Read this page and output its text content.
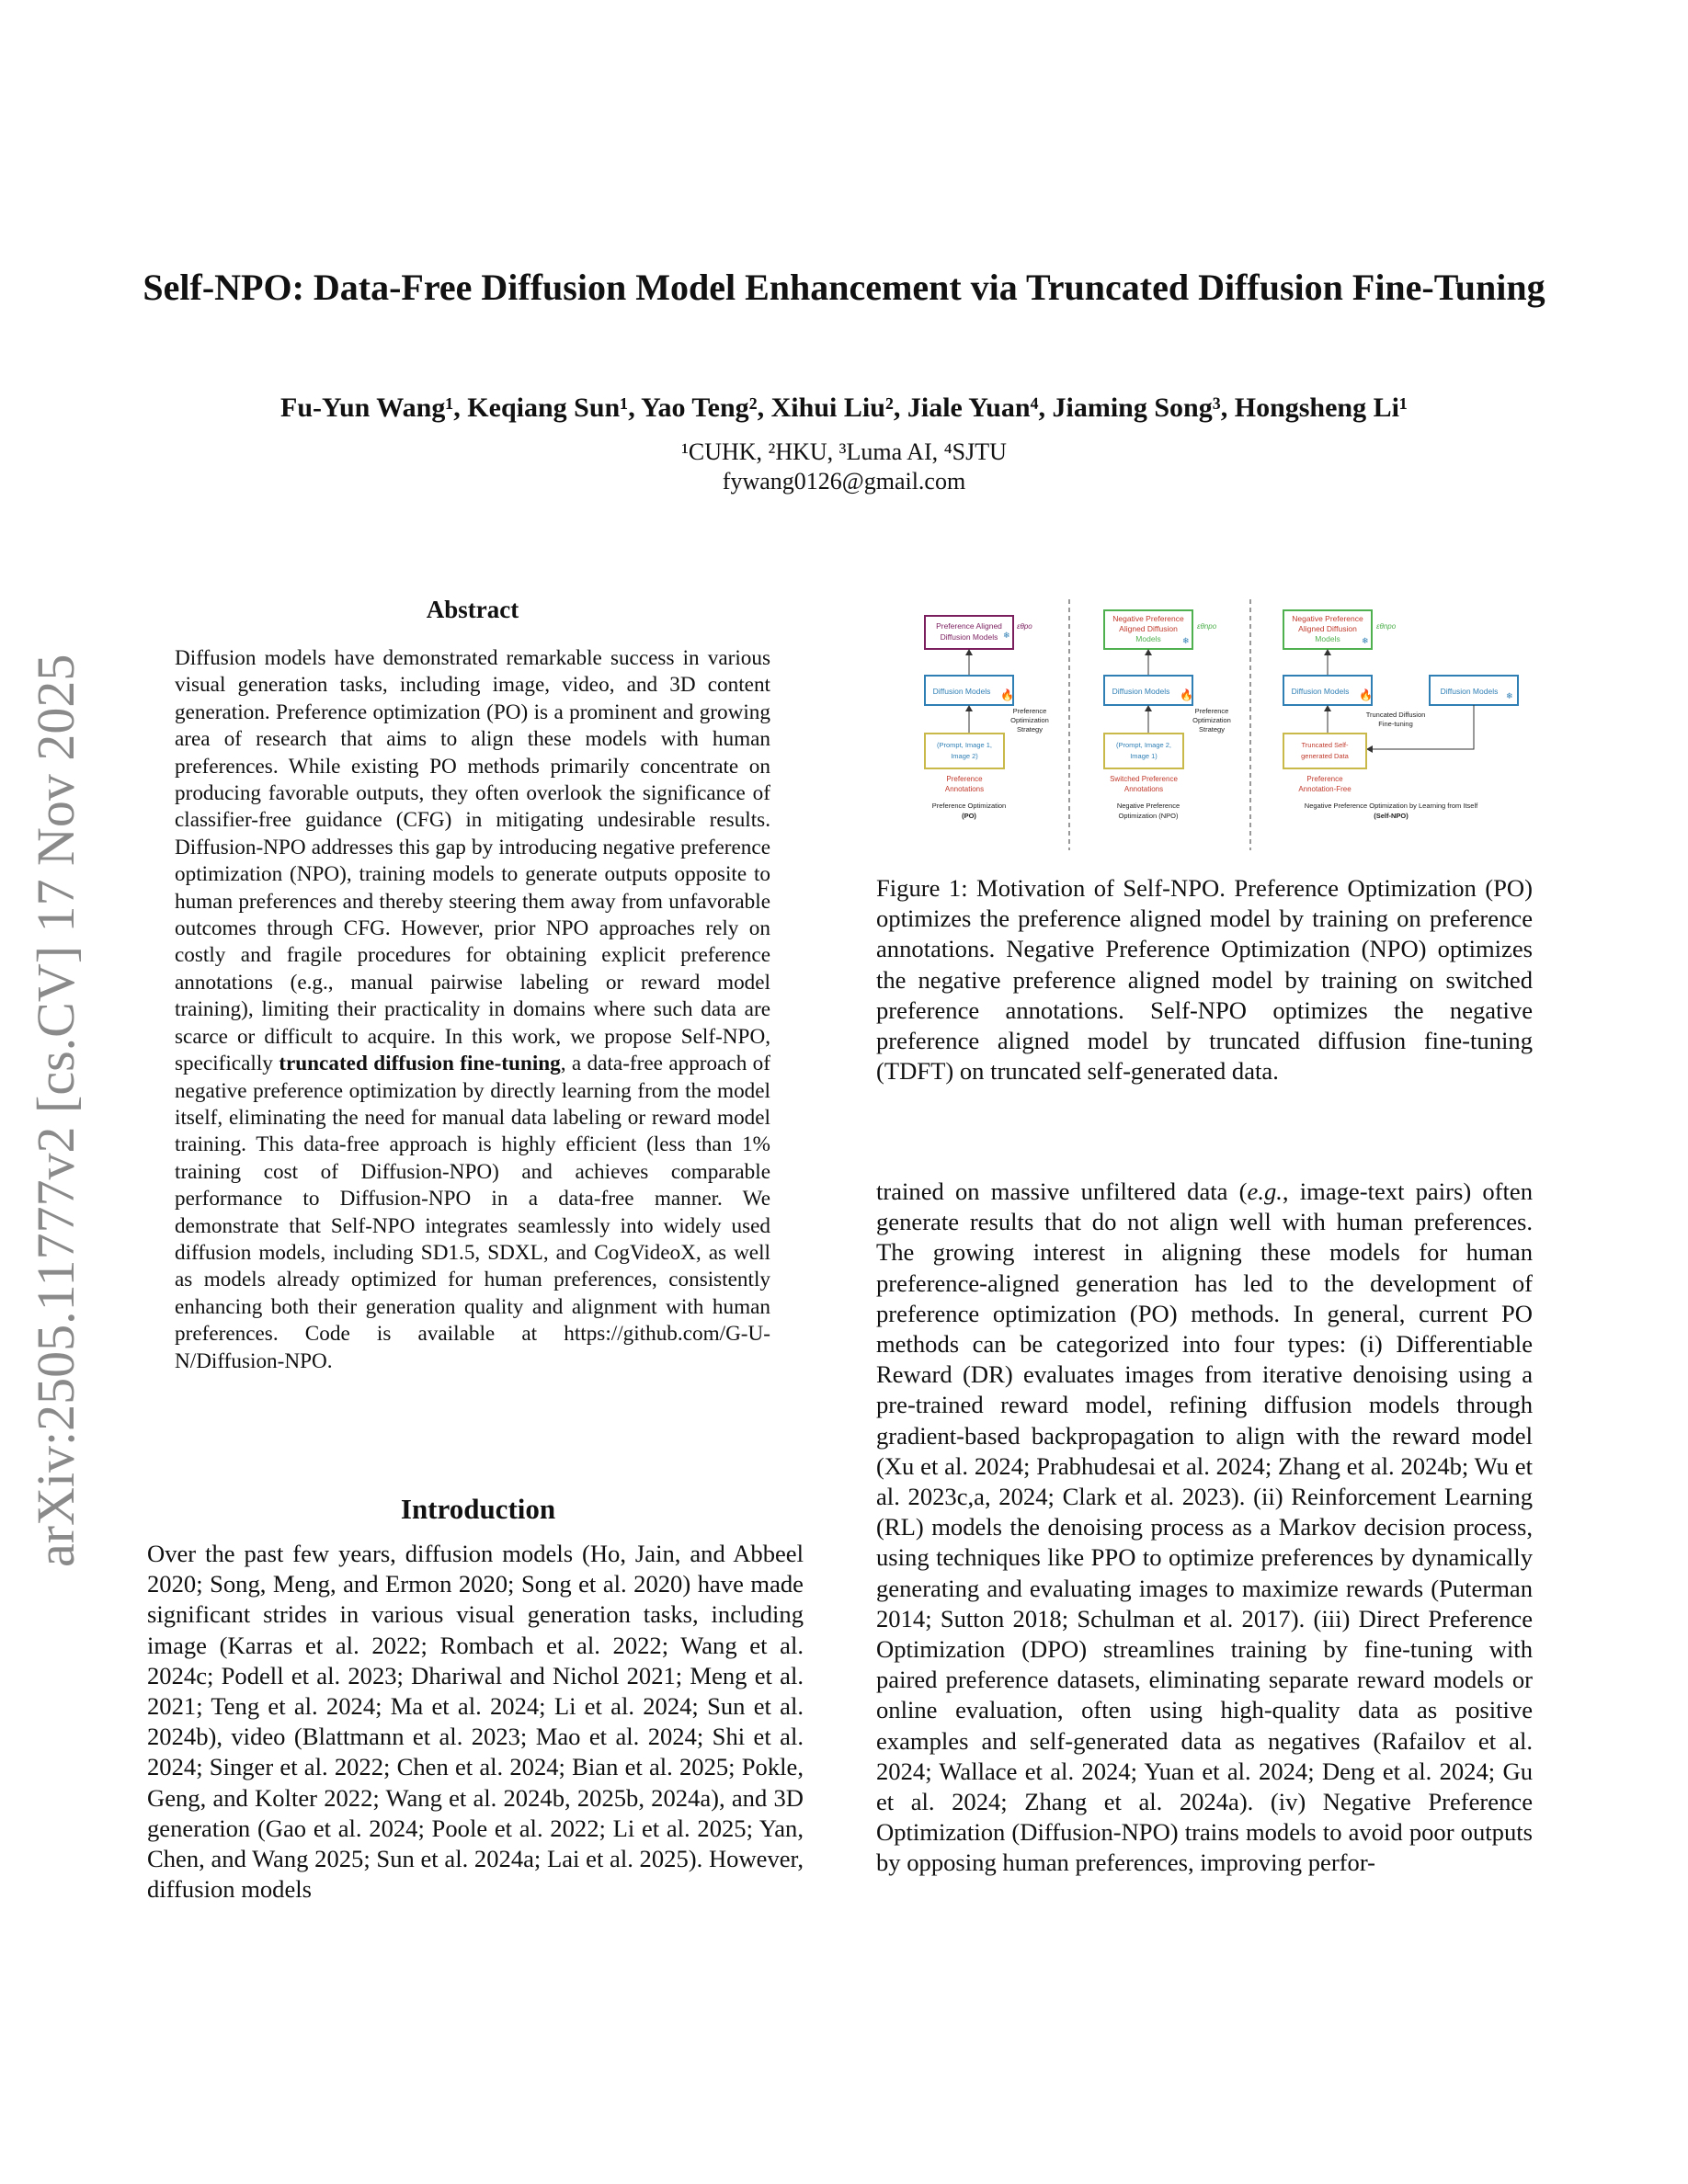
arXiv:2505.11777v2 [cs.CV] 17 Nov 2025
Self-NPO: Data-Free Diffusion Model Enhancement via Truncated Diffusion Fine-Tuning
Fu-Yun Wang¹, Keqiang Sun¹, Yao Teng², Xihui Liu², Jiale Yuan⁴, Jiaming Song³, Hongsheng Li¹
¹CUHK, ²HKU, ³Luma AI, ⁴SJTU
fywang0126@gmail.com
Abstract
Diffusion models have demonstrated remarkable success in various visual generation tasks, including image, video, and 3D content generation. Preference optimization (PO) is a prominent and growing area of research that aims to align these models with human preferences. While existing PO methods primarily concentrate on producing favorable outputs, they often overlook the significance of classifier-free guidance (CFG) in mitigating undesirable results. Diffusion-NPO addresses this gap by introducing negative preference optimization (NPO), training models to generate outputs opposite to human preferences and thereby steering them away from unfavorable outcomes through CFG. However, prior NPO approaches rely on costly and fragile procedures for obtaining explicit preference annotations (e.g., manual pairwise labeling or reward model training), limiting their practicality in domains where such data are scarce or difficult to acquire. In this work, we propose Self-NPO, specifically truncated diffusion fine-tuning, a data-free approach of negative preference optimization by directly learning from the model itself, eliminating the need for manual data labeling or reward model training. This data-free approach is highly efficient (less than 1% training cost of Diffusion-NPO) and achieves comparable performance to Diffusion-NPO in a data-free manner. We demonstrate that Self-NPO integrates seamlessly into widely used diffusion models, including SD1.5, SDXL, and CogVideoX, as well as models already optimized for human preferences, consistently enhancing both their generation quality and alignment with human preferences. Code is available at https://github.com/G-U-N/Diffusion-NPO.
Introduction
Over the past few years, diffusion models (Ho, Jain, and Abbeel 2020; Song, Meng, and Ermon 2020; Song et al. 2020) have made significant strides in various visual generation tasks, including image (Karras et al. 2022; Rombach et al. 2022; Wang et al. 2024c; Podell et al. 2023; Dhariwal and Nichol 2021; Meng et al. 2021; Teng et al. 2024; Ma et al. 2024; Li et al. 2024; Sun et al. 2024b), video (Blattmann et al. 2023; Mao et al. 2024; Shi et al. 2024; Singer et al. 2022; Chen et al. 2024; Bian et al. 2025; Pokle, Geng, and Kolter 2022; Wang et al. 2024b, 2025b, 2024a), and 3D generation (Gao et al. 2024; Poole et al. 2022; Li et al. 2025; Yan, Chen, and Wang 2025; Sun et al. 2024a; Lai et al. 2025). However, diffusion models
trained on massive unfiltered data (e.g., image-text pairs) often generate results that do not align well with human preferences. The growing interest in aligning these models for human preference-aligned generation has led to the development of preference optimization (PO) methods. In general, current PO methods can be categorized into four types: (i) Differentiable Reward (DR) evaluates images from iterative denoising using a pre-trained reward model, refining diffusion models through gradient-based backpropagation to align with the reward model (Xu et al. 2024; Prabhudesai et al. 2024; Zhang et al. 2024b; Wu et al. 2023c,a, 2024; Clark et al. 2023). (ii) Reinforcement Learning (RL) models the denoising process as a Markov decision process, using techniques like PPO to optimize preferences by dynamically generating and evaluating images to maximize rewards (Puterman 2014; Sutton 2018; Schulman et al. 2017). (iii) Direct Preference Optimization (DPO) streamlines training by fine-tuning with paired preference datasets, eliminating separate reward models or online evaluation, often using high-quality data as positive examples and self-generated data as negatives (Rafailov et al. 2024; Wallace et al. 2024; Yuan et al. 2024; Deng et al. 2024; Gu et al. 2024; Zhang et al. 2024a). (iv) Negative Preference Optimization (Diffusion-NPO) trains models to avoid poor outputs by opposing human preferences, improving perfor-
Preference Aligned
Diffusion Models ❄
εθpo
Diffusion Models 🔥
Preference
Optimization
Strategy
(Prompt, Image 1,
Image 2)
Preference
Annotations
Preference Optimization
(PO)
Negative Preference
Aligned Diffusion
Models	❄
εθnpo
Diffusion Models 🔥
Preference
Optimization
Strategy
(Prompt, Image 2,
Image 1)
Switched Preference
Annotations
Negative Preference
Optimization (NPO)
Negative Preference
Aligned Diffusion
Models	❄
εθnpo
Diffusion Models 🔥	Diffusion Models ❄
Truncated Diffusion
Fine-tuning
Truncated Self-
generated Data
Preference
Annotation-Free
Negative Preference Optimization by Learning from Itself
(Self-NPO)
Figure 1: Motivation of Self-NPO. Preference Optimization (PO) optimizes the preference aligned model by training on preference annotations. Negative Preference Optimization (NPO) optimizes the negative preference aligned model by training on switched preference annotations. Self-NPO optimizes the negative preference aligned model by truncated diffusion fine-tuning (TDFT) on truncated self-generated data.
